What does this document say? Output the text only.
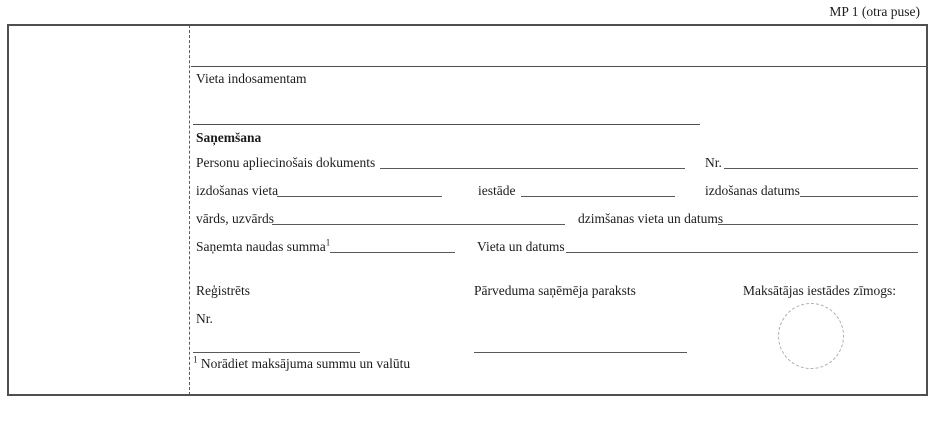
MP 1 (otra puse)
Vieta indosamentam
Saņemšana
Personu apliecinošais dokuments	Nr.
izdošanas vieta	iestāde	izdošanas datums
vārds, uzvārds	dzimšanas vieta un datums
Saņemta naudas summa$^1$	Vieta un datums
Reģistrēts	Pārveduma saņēmēja paraksts	Maksātājas iestādes zīmogs:
Nr.
$^1$ Norādiet maksājuma summu un valūtu
